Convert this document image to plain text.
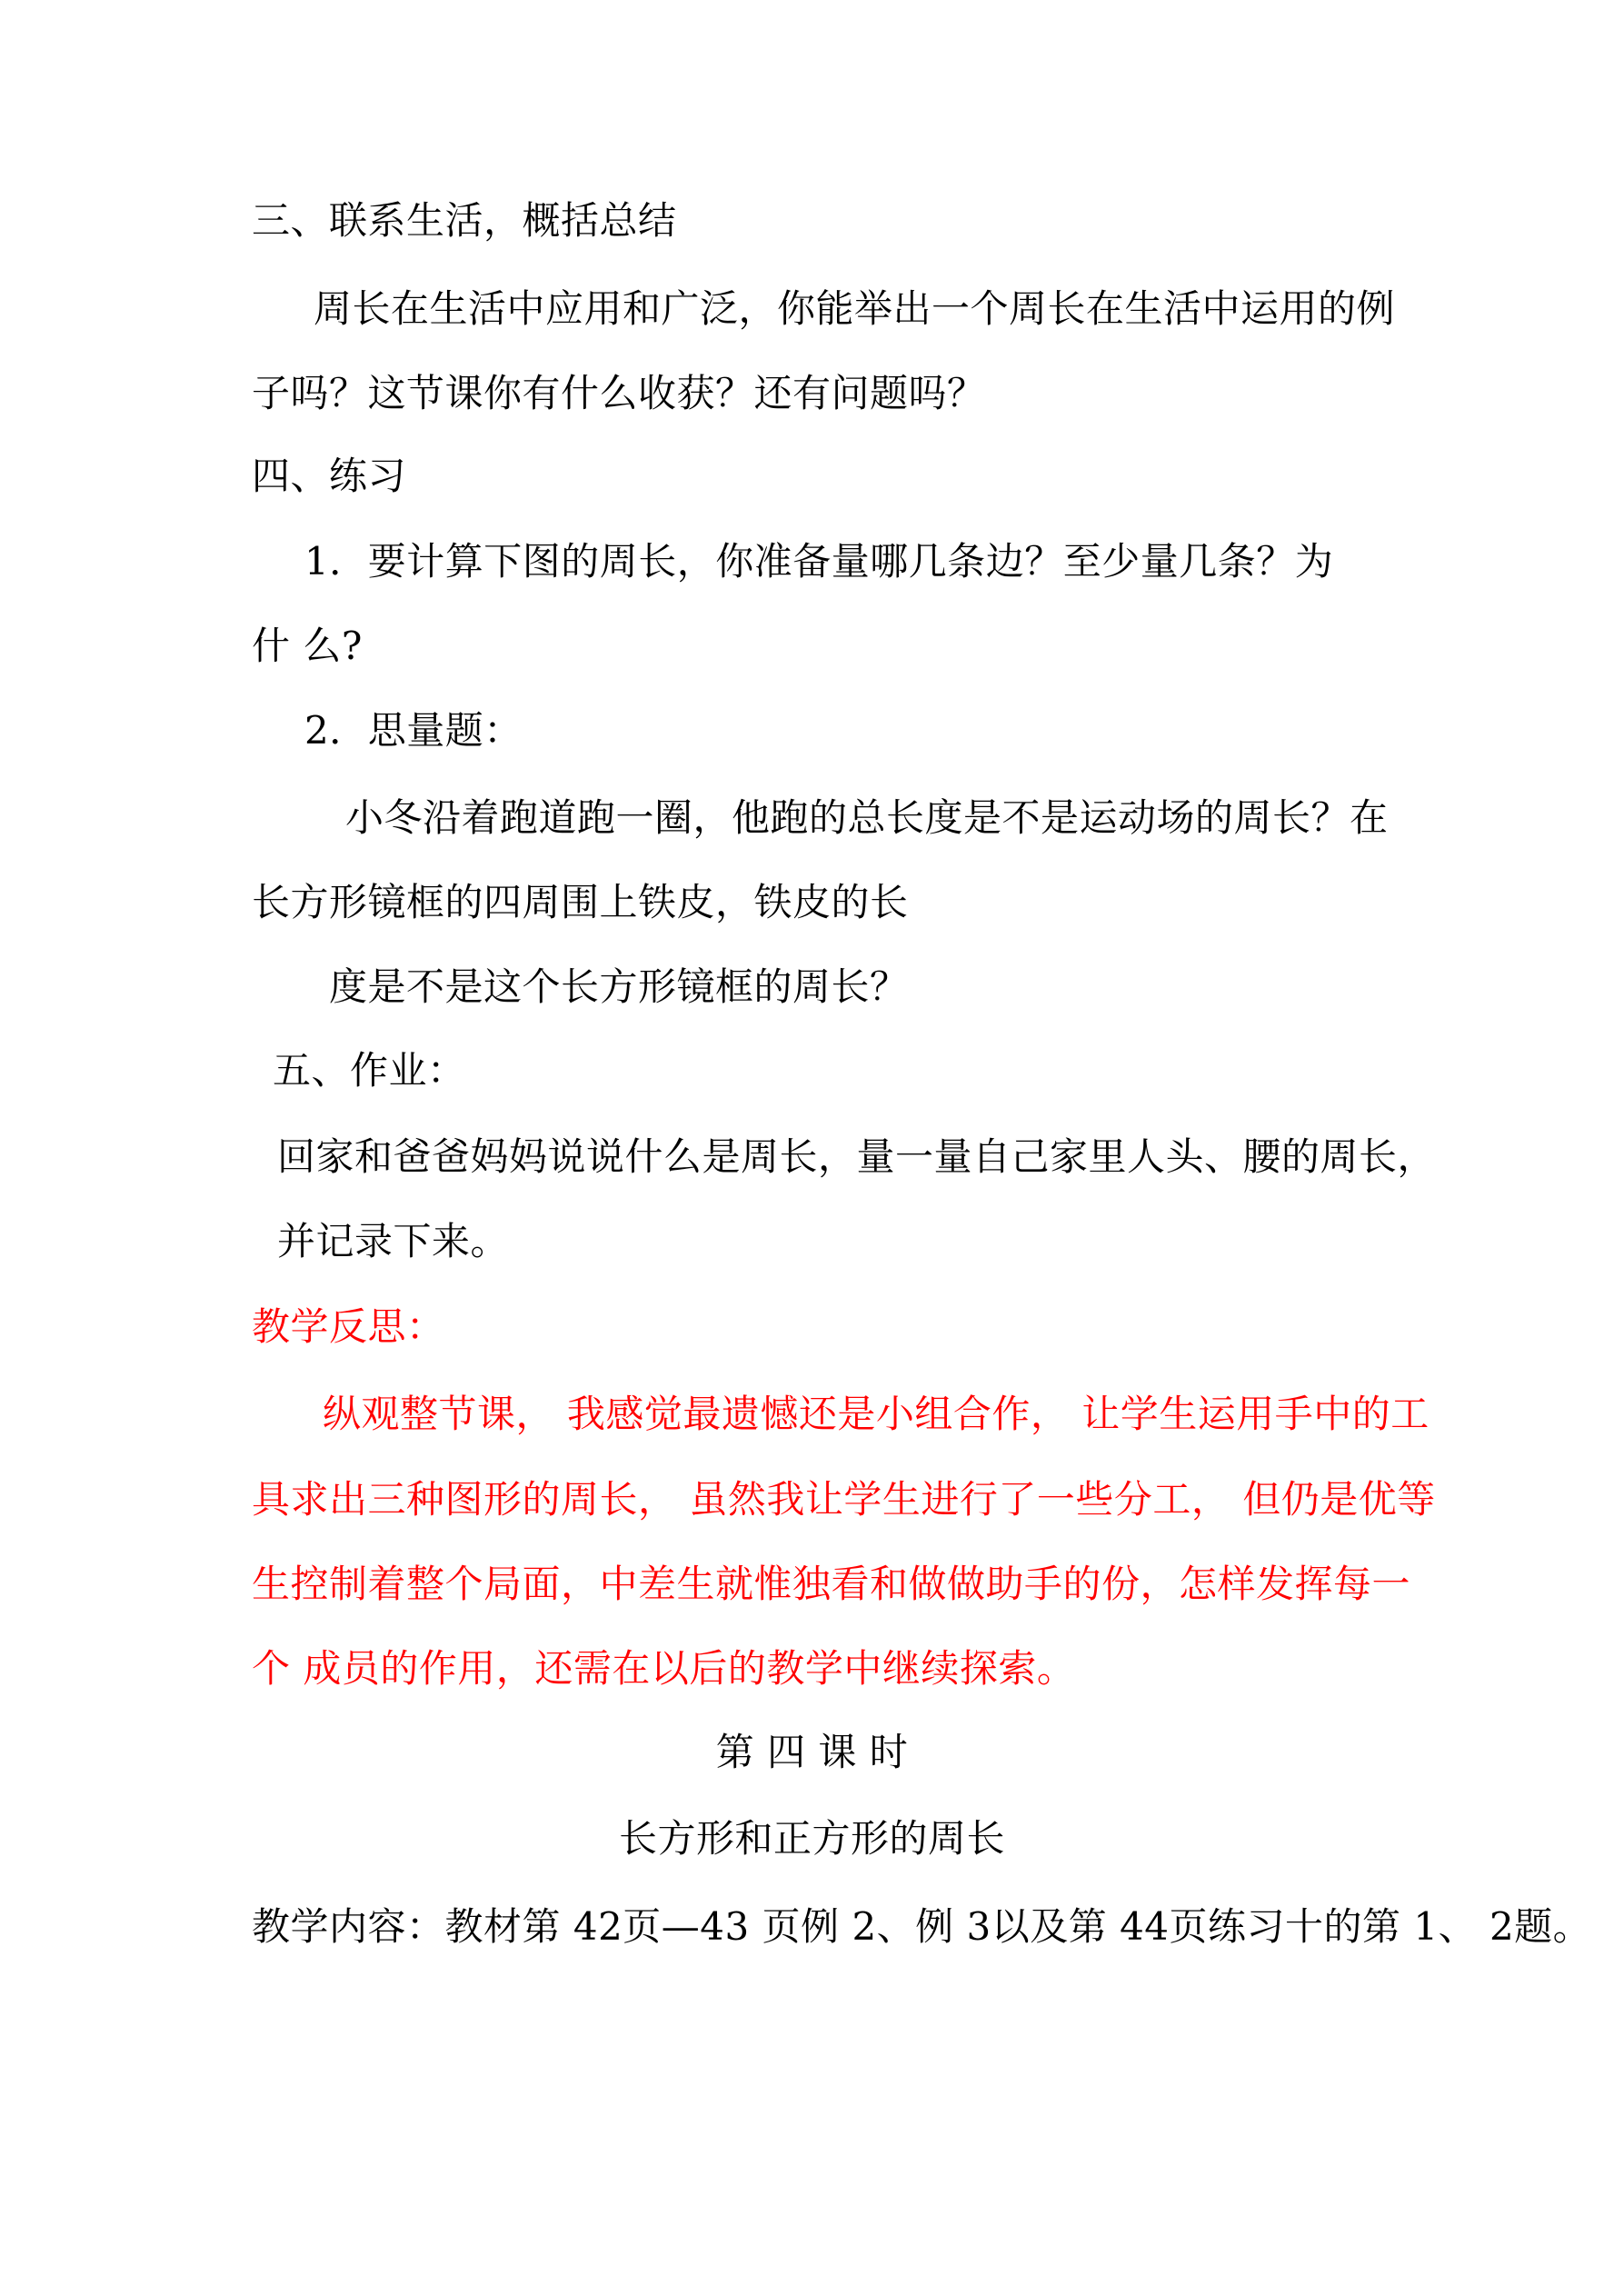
三、联系生活，概括总结
周长在生活中应用和广泛，你能举出一个周长在生活中运用的例
子吗？这节课你有什么收获？还有问题吗？
四、练习
1．要计算下图的周长，你准备量哪几条边？至少量几条？为
什 么?
2．思量题：
小冬沿着跑道跑一圈，他跑的总长度是不是运动场的周长？在
长方形镜框的四周围上铁皮，铁皮的长
度是不是这个长方形镜框的周长？
五、作业：
回家和爸爸妈妈说说什么是周长，量一量自己家里人头、腰的周长，
并记录下来。
教学反思：
纵观整节课， 我感觉最遗憾还是小组合作， 让学生运用手中的工
具求出三种图形的周长， 虽然我让学生进行了一些分工， 但仍是优等
生控制着整个局面，中差生就惟独看和做做助手的份，怎样发挥每一
个 成员的作用，还需在以后的教学中继续探索。
第 四 课 时
长方形和正方形的周长
教学内容：教材第 42页—43 页例 2、例 3以及第 44页练习十的第 1、 2题。
